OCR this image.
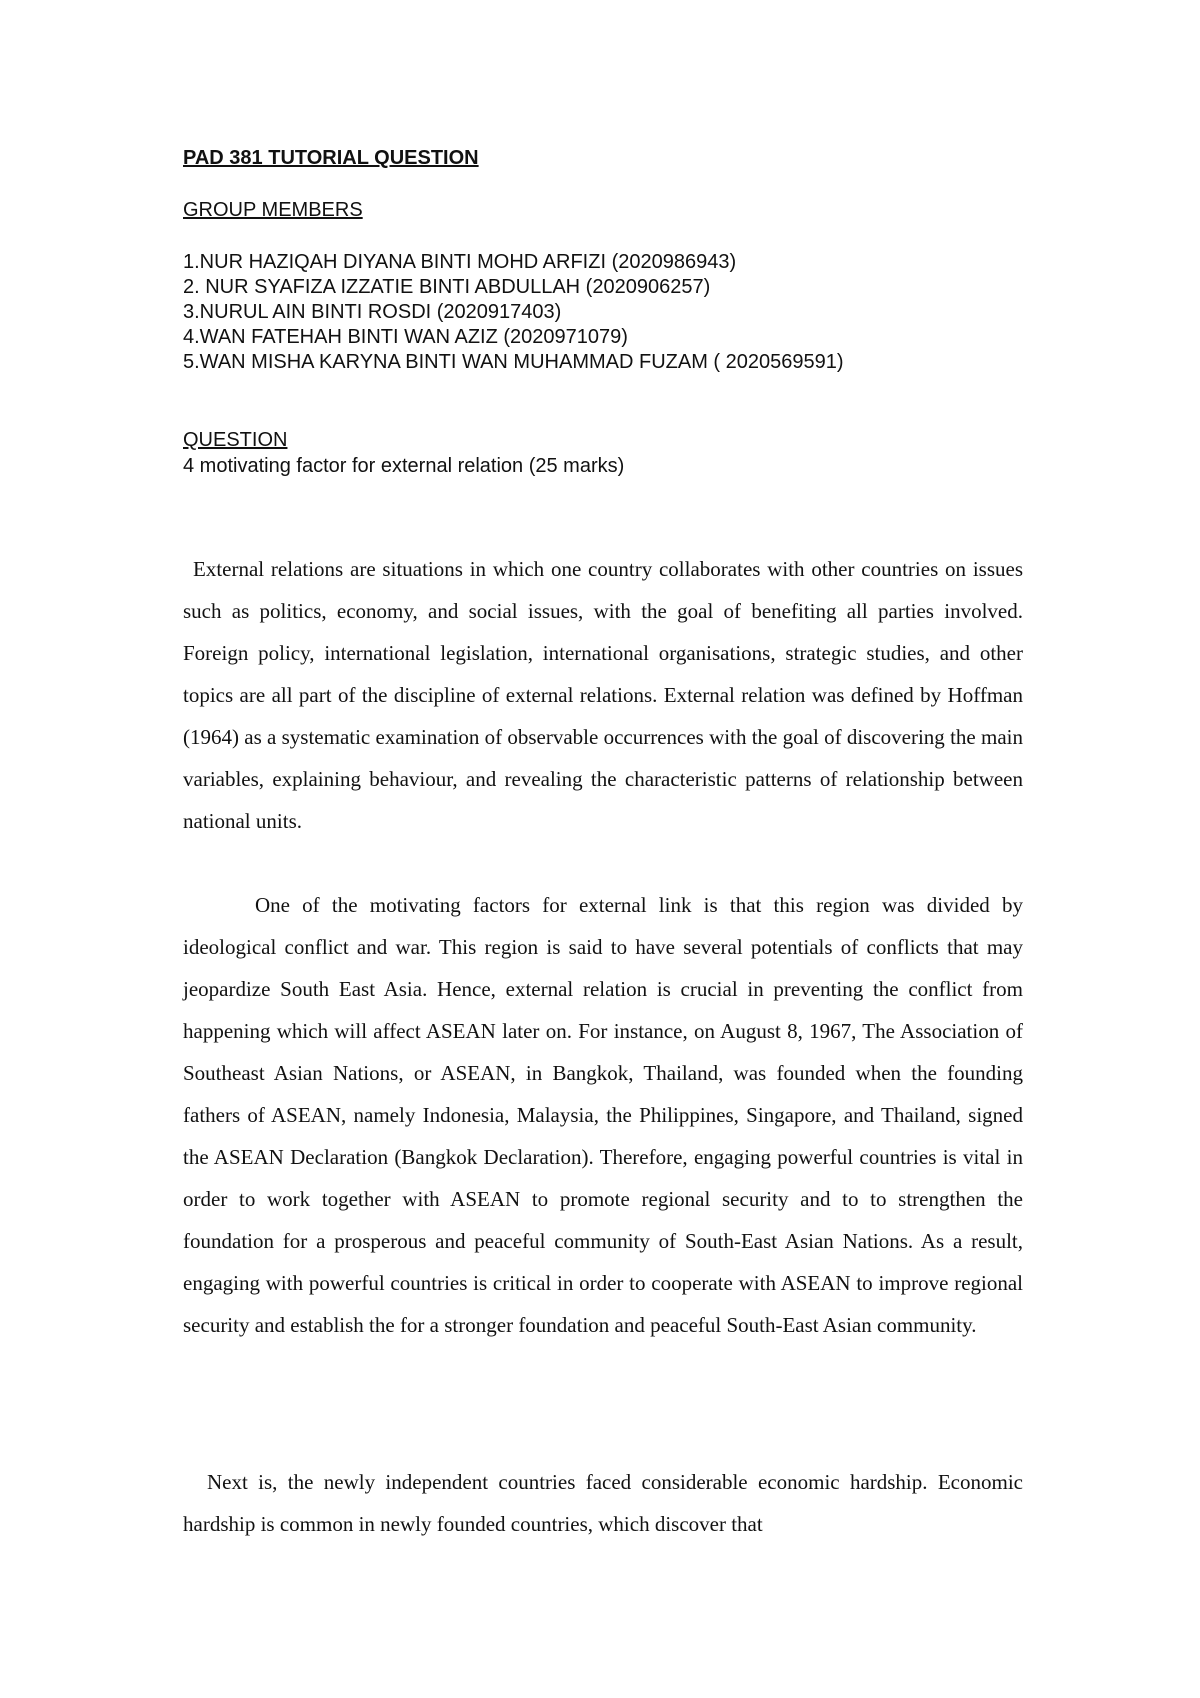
PAD 381 TUTORIAL QUESTION

GROUP MEMBERS

1.NUR HAZIQAH DIYANA BINTI MOHD ARFIZI (2020986943)
2. NUR SYAFIZA IZZATIE BINTI ABDULLAH (2020906257)
3.NURUL AIN BINTI ROSDI (2020917403)
4.WAN FATEHAH BINTI WAN AZIZ (2020971079)
5.WAN MISHA KARYNA BINTI WAN MUHAMMAD FUZAM ( 2020569591)

QUESTION

4 motivating factor for external relation (25 marks)

External relations are situations in which one country collaborates with other countries on issues such as politics, economy, and social issues, with the goal of benefiting all parties involved. Foreign policy, international legislation, international organisations, strategic studies, and other topics are all part of the discipline of external relations. External relation was defined by Hoffman (1964) as a systematic examination of observable occurrences with the goal of discovering the main variables, explaining behaviour, and revealing the characteristic patterns of relationship between national units.

One of the motivating factors for external link is that this region was divided by ideological conflict and war. This region is said to have several potentials of conflicts that may jeopardize South East Asia. Hence, external relation is crucial in preventing the conflict from happening which will affect ASEAN later on. For instance, on August 8, 1967, The Association of Southeast Asian Nations, or ASEAN, in Bangkok, Thailand, was founded when the founding fathers of ASEAN, namely Indonesia, Malaysia, the Philippines, Singapore, and Thailand, signed the ASEAN Declaration (Bangkok Declaration). Therefore, engaging powerful countries is vital in order to work together with ASEAN to promote regional security and to to strengthen the foundation for a prosperous and peaceful community of South-East Asian Nations. As a result, engaging with powerful countries is critical in order to cooperate with ASEAN to improve regional security and establish the for a stronger foundation and peaceful South-East Asian community.

Next is, the newly independent countries faced considerable economic hardship. Economic hardship is common in newly founded countries, which discover that
